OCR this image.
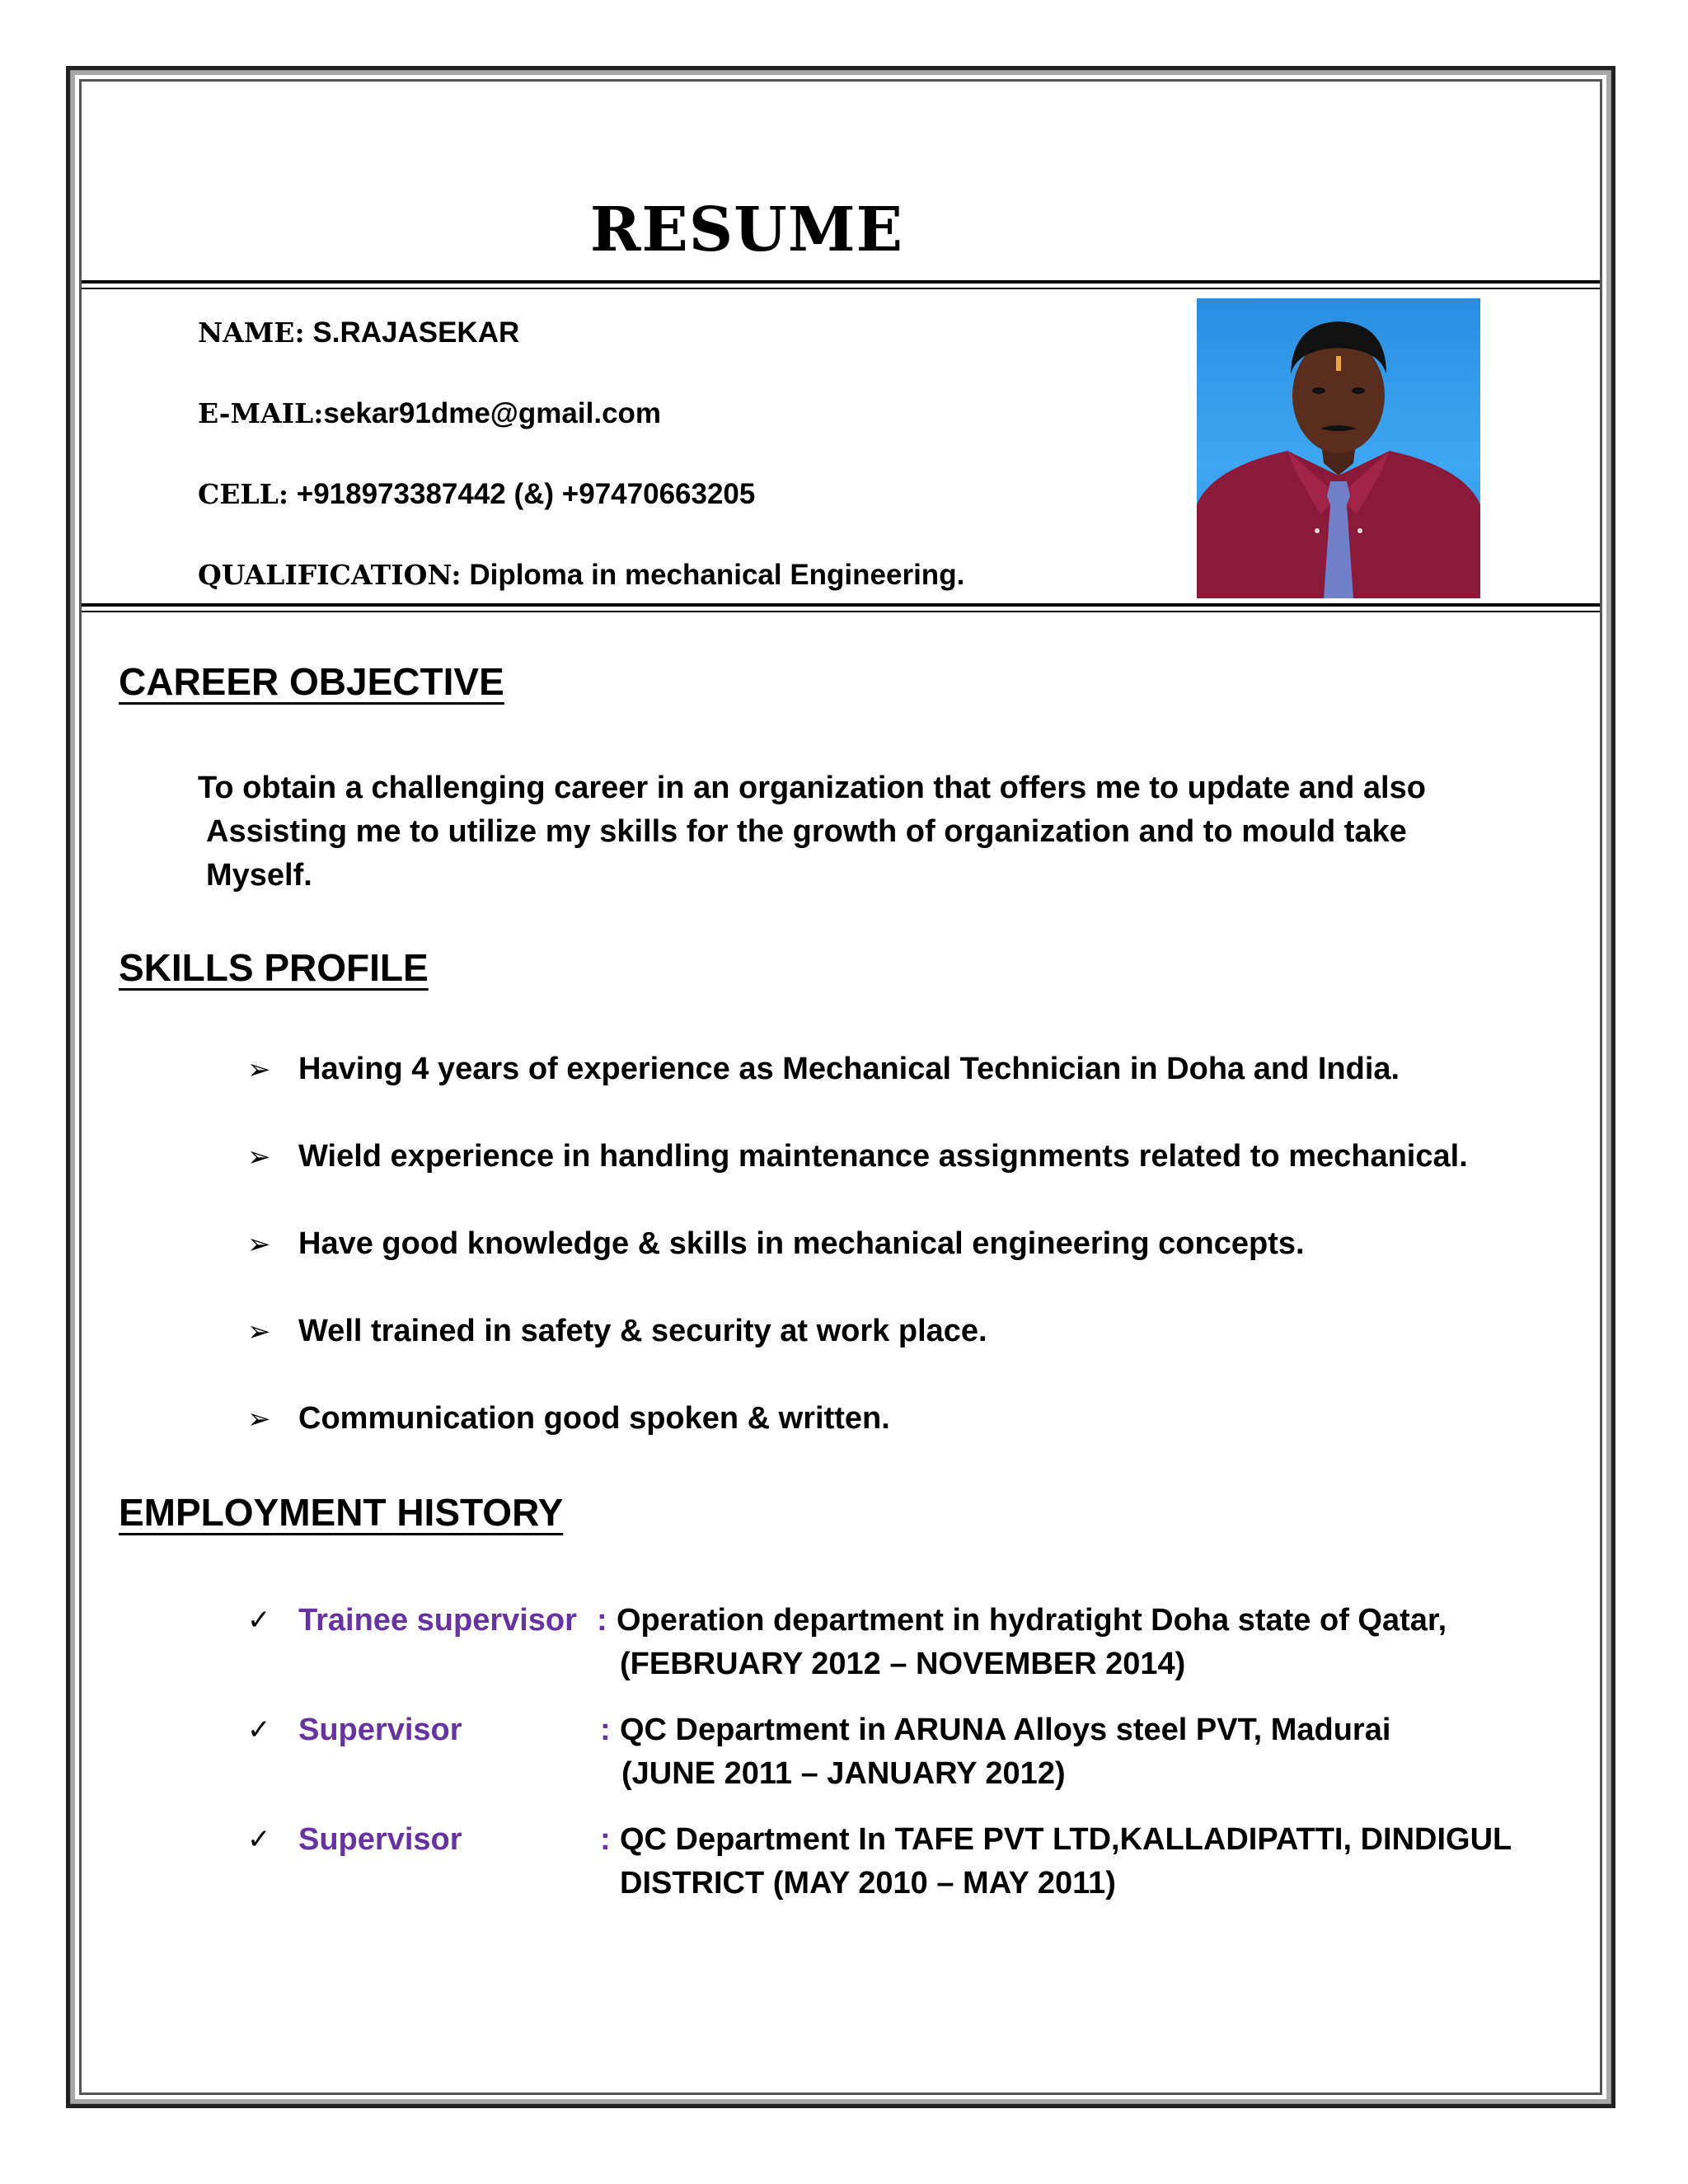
RESUME
NAME: S.RAJASEKAR
E-MAIL:sekar91dme@gmail.com
CELL: +918973387442 (&) +97470663205
QUALIFICATION: Diploma in mechanical Engineering.
CAREER OBJECTIVE
To obtain a challenging career in an organization that offers me to update and also
Assisting me to utilize my skills for the growth of organization and to mould take
Myself.
SKILLS PROFILE
➢ Having 4 years of experience as Mechanical Technician in Doha and India.
➢ Wield experience in handling maintenance assignments related to mechanical.
➢ Have good knowledge & skills in mechanical engineering concepts.
➢ Well trained in safety & security at work place.
➢ Communication good spoken & written.
EMPLOYMENT HISTORY
✓ Trainee supervisor : Operation department in hydratight Doha state of Qatar,
(FEBRUARY 2012 – NOVEMBER 2014)
✓ Supervisor	: QC Department in ARUNA Alloys steel PVT, Madurai
(JUNE 2011 – JANUARY 2012)
✓ Supervisor	: QC Department In TAFE PVT LTD,KALLADIPATTI, DINDIGUL
DISTRICT (MAY 2010 – MAY 2011)
